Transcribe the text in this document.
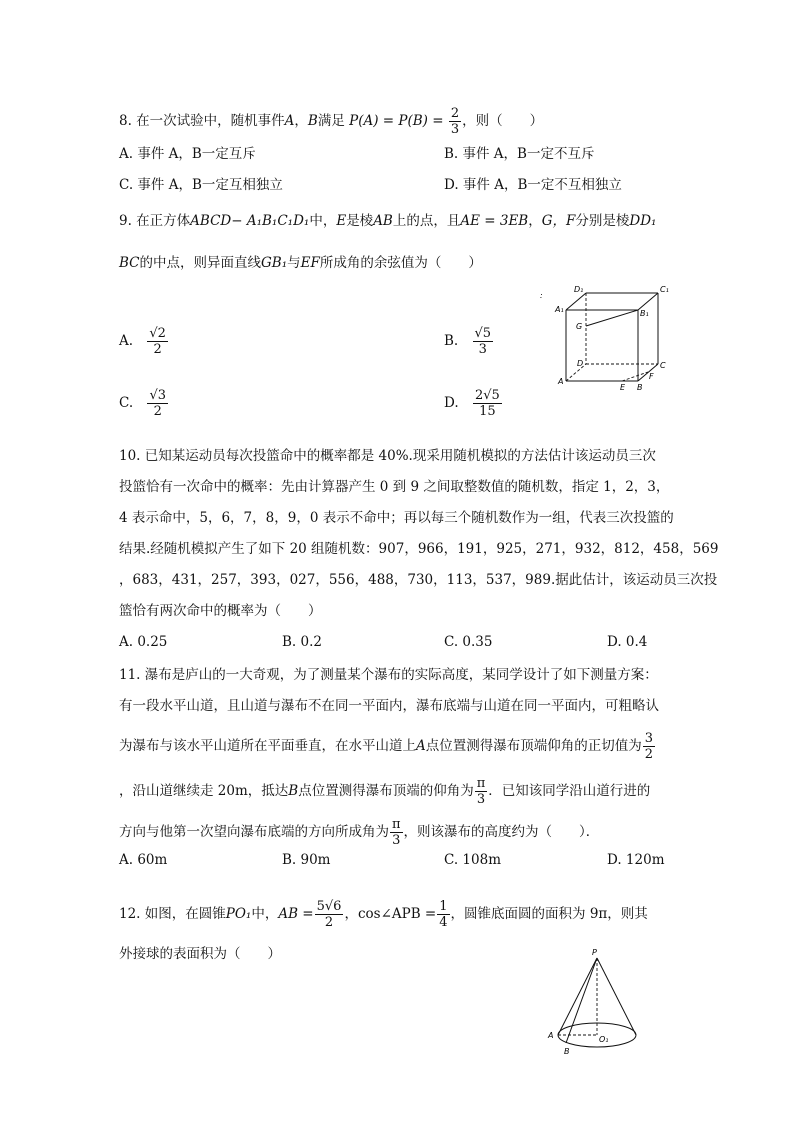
8. 在一次试验中，随机事件A，B满足 $P(A) = P(B) = \frac{2}{3}$ ，则（　　）
A. 事件 A，B一定互斥	B. 事件 A，B一定不互斥
C. 事件 A，B一定互相独立	D. 事件 A，B一定不互相独立
9. 在正方体ABCD− A₁B₁C₁D₁中，E是棱AB上的点，且AE = 3EB，G，F分别是棱DD₁
BC的中点，则异面直线GB₁与EF所成角的余弦值为（　　）
A. $\frac{√2}{2}$	B. $\frac{√5}{3}$
C. $\frac{√3}{2}$	D. $\frac{2√5}{15}$
:
D₁	C₁
A₁	B₁
G
D	C
A
E B
F
10. 已知某运动员每次投篮命中的概率都是 40%.现采用随机模拟的方法估计该运动员三次
投篮恰有一次命中的概率：先由计算器产生 0 到 9 之间取整数值的随机数，指定 1，2，3，
4 表示命中，5，6，7，8，9，0 表示不命中；再以每三个随机数作为一组，代表三次投篮的
结果.经随机模拟产生了如下 20 组随机数：907，966，191，925，271，932，812，458，569
，683，431，257，393，027，556，488，730，113，537，989.据此估计，该运动员三次投
篮恰有两次命中的概率为（　　）
A. 0.25	B. 0.2	C. 0.35	D. 0.4
11. 瀑布是庐山的一大奇观，为了测量某个瀑布的实际高度，某同学设计了如下测量方案：
有一段水平山道，且山道与瀑布不在同一平面内，瀑布底端与山道在同一平面内，可粗略认
为瀑布与该水平山道所在平面垂直，在水平山道上A点位置测得瀑布顶端仰角的正切值为 $\frac{3}{2}$
，沿山道继续走 20m，抵达B点位置测得瀑布顶端的仰角为 $\frac{\pi}{3}$ ．已知该同学沿山道行进的
方向与他第一次望向瀑布底端的方向所成角为 $\frac{\pi}{3}$ ，则该瀑布的高度约为（　　）．
A. 60m	B. 90m	C. 108m	D. 120m
12. 如图，在圆锥PO₁中，AB = $\frac{5√6}{2}$ ，cos∠APB = $\frac{1}{4}$ ，圆锥底面圆的面积为 9π，则其
外接球的表面积为（　　）	P
A
B
O₁
